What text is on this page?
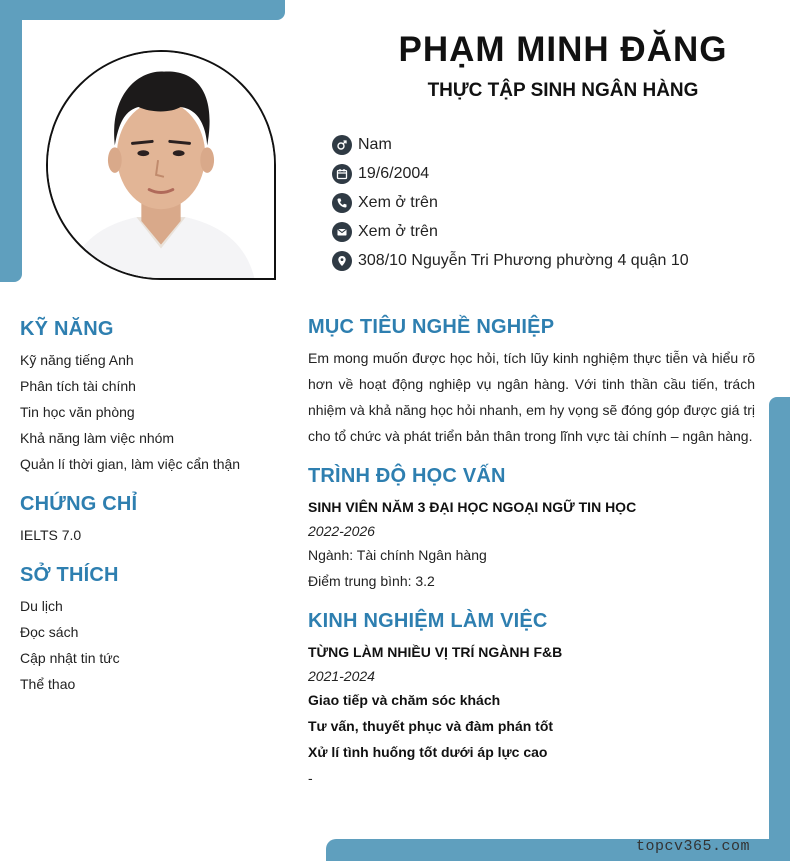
PHẠM MINH ĐĂNG
THỰC TẬP SINH NGÂN HÀNG
Nam
19/6/2004
Xem ở trên
Xem ở trên
308/10 Nguyễn Tri Phương phường 4 quận 10
KỸ NĂNG
Kỹ năng tiếng Anh
Phân tích tài chính
Tin học văn phòng
Khả năng làm việc nhóm
Quản lí thời gian, làm việc cẩn thận
CHỨNG CHỈ
IELTS 7.0
SỞ THÍCH
Du lịch
Đọc sách
Cập nhật tin tức
Thể thao
MỤC TIÊU NGHỀ NGHIỆP
Em mong muốn được học hỏi, tích lũy kinh nghiệm thực tiễn và hiểu rõ hơn về hoạt động nghiệp vụ ngân hàng. Với tinh thần cầu tiến, trách nhiệm và khả năng học hỏi nhanh, em hy vọng sẽ đóng góp được giá trị cho tổ chức và phát triển bản thân trong lĩnh vực tài chính – ngân hàng.
TRÌNH ĐỘ HỌC VẤN
SINH VIÊN NĂM 3 ĐẠI HỌC NGOẠI NGỮ TIN HỌC
2022-2026
Ngành: Tài chính Ngân hàng
Điểm trung bình: 3.2
KINH NGHIỆM LÀM VIỆC
TỪNG LÀM NHIỀU VỊ TRÍ NGÀNH F&B
2021-2024
Giao tiếp và chăm sóc khách
Tư vấn, thuyết phục và đàm phán tốt
Xử lí tình huống tốt dưới áp lực cao
-
topcv365.com
